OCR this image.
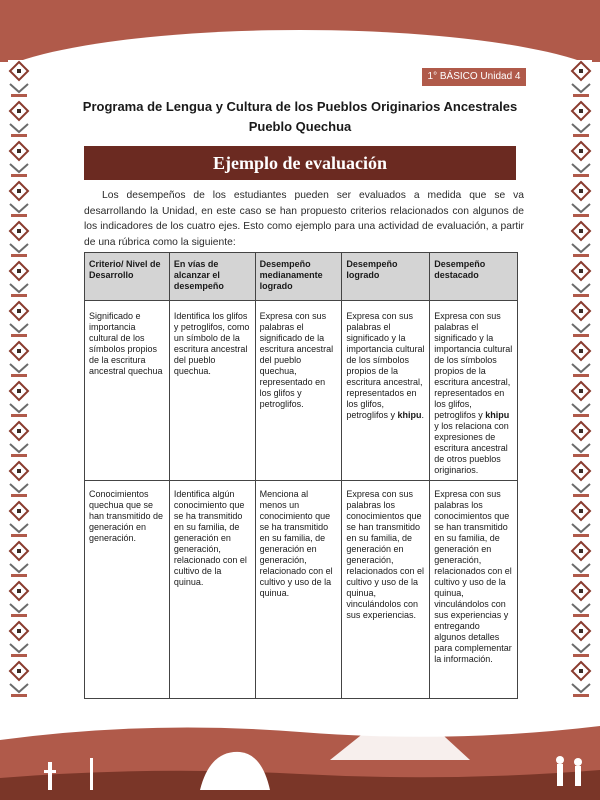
1° BÁSICO Unidad 4
Programa de Lengua y Cultura de los Pueblos Originarios Ancestrales
Pueblo Quechua
Ejemplo de evaluación

Los desempeños de los estudiantes pueden ser evaluados a medida que se va desarrollando la Unidad, en este caso se han propuesto criterios relacionados con algunos de los indicadores de los cuatro ejes. Esto como ejemplo para una actividad de evaluación, a partir de una rúbrica como la siguiente:

Criterio/ Nivel de Desarrollo	En vías de alcanzar el desempeño	Desempeño medianamente logrado	Desempeño logrado	Desempeño destacado
Significado e importancia cultural de los símbolos propios de la escritura ancestral quechua	Identifica los glifos y petroglifos, como un símbolo de la escritura ancestral del pueblo quechua.	Expresa con sus palabras el significado de la escritura ancestral del pueblo quechua, representado en los glifos y petroglifos.	Expresa con sus palabras el significado y la importancia cultural de los símbolos propios de la escritura ancestral, representados en los glifos, petroglifos y khipu.	Expresa con sus palabras el significado y la importancia cultural de los símbolos propios de la escritura ancestral, representados en los glifos, petroglifos y khipu y los relaciona con expresiones de escritura ancestral de otros pueblos originarios.
Conocimientos quechua que se han transmitido de generación en generación.	Identifica algún conocimiento que se ha transmitido en su familia, de generación en generación, relacionado con el cultivo de la quinua.	Menciona al menos un conocimiento que se ha transmitido en su familia, de generación en generación, relacionado con el cultivo y uso de la quinua.	Expresa con sus palabras los conocimientos que se han transmitido en su familia, de generación en generación, relacionados con el cultivo y uso de la quinua, vinculándolos con sus experiencias.	Expresa con sus palabras los conocimientos que se han transmitido en su familia, de generación en generación, relacionados con el cultivo y uso de la quinua, vinculándolos con sus experiencias y entregando algunos detalles para complementar la información.
